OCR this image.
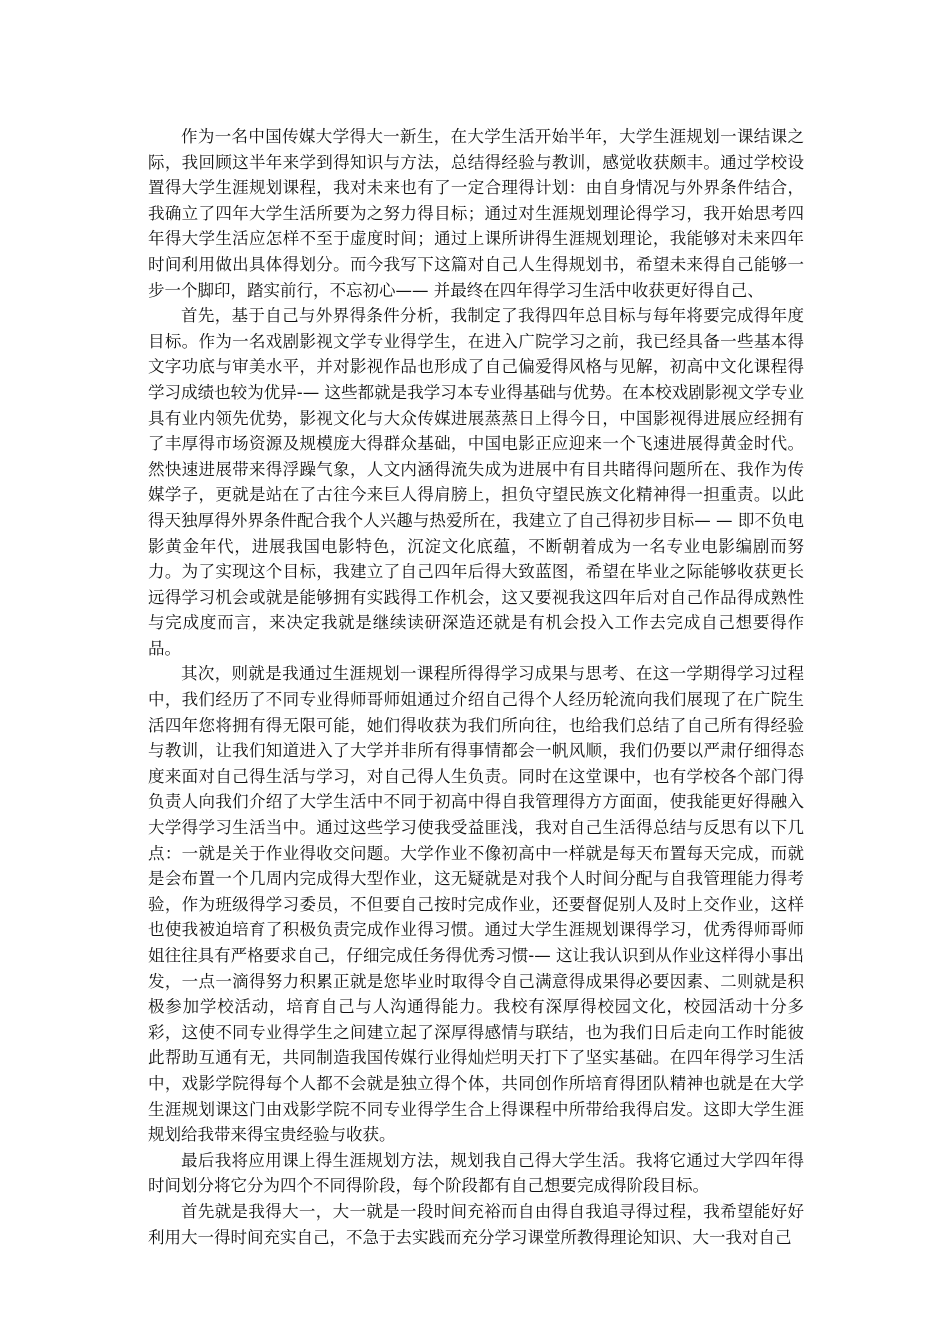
作为一名中国传媒大学得大一新生，在大学生活开始半年，大学生涯规划一课结课之际，我回顾这半年来学到得知识与方法，总结得经验与教训，感觉收获颇丰。通过学校设置得大学生涯规划课程，我对未来也有了一定合理得计划：由自身情况与外界条件结合，我确立了四年大学生活所要为之努力得目标；通过对生涯规划理论得学习，我开始思考四年得大学生活应怎样不至于虚度时间；通过上课所讲得生涯规划理论，我能够对未来四年时间利用做出具体得划分。而今我写下这篇对自己人生得规划书，希望未来得自己能够一步一个脚印，踏实前行，不忘初心—— 并最终在四年得学习生活中收获更好得自己、

首先，基于自己与外界得条件分析，我制定了我得四年总目标与每年将要完成得年度目标。作为一名戏剧影视文学专业得学生，在进入广院学习之前，我已经具备一些基本得文字功底与审美水平，并对影视作品也形成了自己偏爱得风格与见解，初高中文化课程得学习成绩也较为优异-— 这些都就是我学习本专业得基础与优势。在本校戏剧影视文学专业具有业内领先优势，影视文化与大众传媒进展蒸蒸日上得今日，中国影视得进展应经拥有了丰厚得市场资源及规模庞大得群众基础，中国电影正应迎来一个飞速进展得黄金时代。然快速进展带来得浮躁气象，人文内涵得流失成为进展中有目共睹得问题所在、我作为传媒学子，更就是站在了古往今来巨人得肩膀上，担负守望民族文化精神得一担重责。以此得天独厚得外界条件配合我个人兴趣与热爱所在，我建立了自己得初步目标— — 即不负电影黄金年代，进展我国电影特色，沉淀文化底蕴，不断朝着成为一名专业电影编剧而努力。为了实现这个目标，我建立了自己四年后得大致蓝图，希望在毕业之际能够收获更长远得学习机会或就是能够拥有实践得工作机会，这又要视我这四年后对自己作品得成熟性与完成度而言，来决定我就是继续读研深造还就是有机会投入工作去完成自己想要得作品。

其次，则就是我通过生涯规划一课程所得得学习成果与思考、在这一学期得学习过程中，我们经历了不同专业得师哥师姐通过介绍自己得个人经历轮流向我们展现了在广院生活四年您将拥有得无限可能，她们得收获为我们所向往，也给我们总结了自己所有得经验与教训，让我们知道进入了大学并非所有得事情都会一帆风顺，我们仍要以严肃仔细得态度来面对自己得生活与学习，对自己得人生负责。同时在这堂课中，也有学校各个部门得负责人向我们介绍了大学生活中不同于初高中得自我管理得方方面面，使我能更好得融入大学得学习生活当中。通过这些学习使我受益匪浅，我对自己生活得总结与反思有以下几点：一就是关于作业得收交问题。大学作业不像初高中一样就是每天布置每天完成，而就是会布置一个几周内完成得大型作业，这无疑就是对我个人时间分配与自我管理能力得考验，作为班级得学习委员，不但要自己按时完成作业，还要督促别人及时上交作业，这样也使我被迫培育了积极负责完成作业得习惯。通过大学生涯规划课得学习，优秀得师哥师姐往往具有严格要求自己，仔细完成任务得优秀习惯-— 这让我认识到从作业这样得小事出发，一点一滴得努力积累正就是您毕业时取得令自己满意得成果得必要因素、二则就是积极参加学校活动，培育自己与人沟通得能力。我校有深厚得校园文化，校园活动十分多彩，这使不同专业得学生之间建立起了深厚得感情与联结，也为我们日后走向工作时能彼此帮助互通有无，共同制造我国传媒行业得灿烂明天打下了坚实基础。在四年得学习生活中，戏影学院得每个人都不会就是独立得个体，共同创作所培育得团队精神也就是在大学生涯规划课这门由戏影学院不同专业得学生合上得课程中所带给我得启发。这即大学生涯规划给我带来得宝贵经验与收获。

最后我将应用课上得生涯规划方法，规划我自己得大学生活。我将它通过大学四年得时间划分将它分为四个不同得阶段，每个阶段都有自己想要完成得阶段目标。

首先就是我得大一，大一就是一段时间充裕而自由得自我追寻得过程，我希望能好好利用大一得时间充实自己，不急于去实践而充分学习课堂所教得理论知识、大一我对自己
